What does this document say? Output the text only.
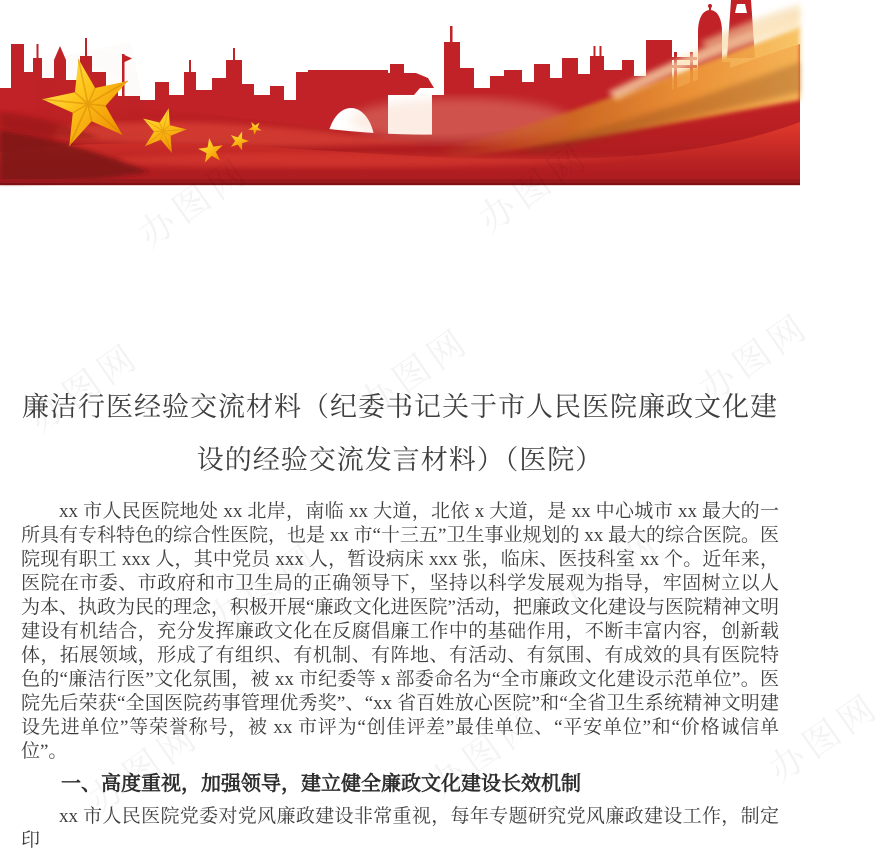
廉洁行医经验交流材料（纪委书记关于市人民医院廉政文化建
设的经验交流发言材料）（医院）

xx 市人民医院地处 xx 北岸，南临 xx 大道，北依 x 大道，是 xx 中心城市 xx 最大的一所具有专科特色的综合性医院，也是 xx 市“十三五”卫生事业规划的 xx 最大的综合医院。医院现有职工 xxx 人，其中党员 xxx 人，暂设病床 xxx 张，临床、医技科室 xx 个。近年来，医院在市委、市政府和市卫生局的正确领导下，坚持以科学发展观为指导，牢固树立以人为本、执政为民的理念，积极开展“廉政文化进医院”活动，把廉政文化建设与医院精神文明建设有机结合，充分发挥廉政文化在反腐倡廉工作中的基础作用，不断丰富内容，创新载体，拓展领域，形成了有组织、有机制、有阵地、有活动、有氛围、有成效的具有医院特色的“廉洁行医”文化氛围，被 xx 市纪委等 x 部委命名为“全市廉政文化建设示范单位”。医院先后荣获“全国医院药事管理优秀奖”、“xx 省百姓放心医院”和“全省卫生系统精神文明建设先进单位”等荣誉称号，被 xx 市评为“创佳评差”最佳单位、“平安单位”和“价格诚信单位”。

一、高度重视，加强领导，建立健全廉政文化建设长效机制

xx 市人民医院党委对党风廉政建设非常重视，每年专题研究党风廉政建设工作，制定印
